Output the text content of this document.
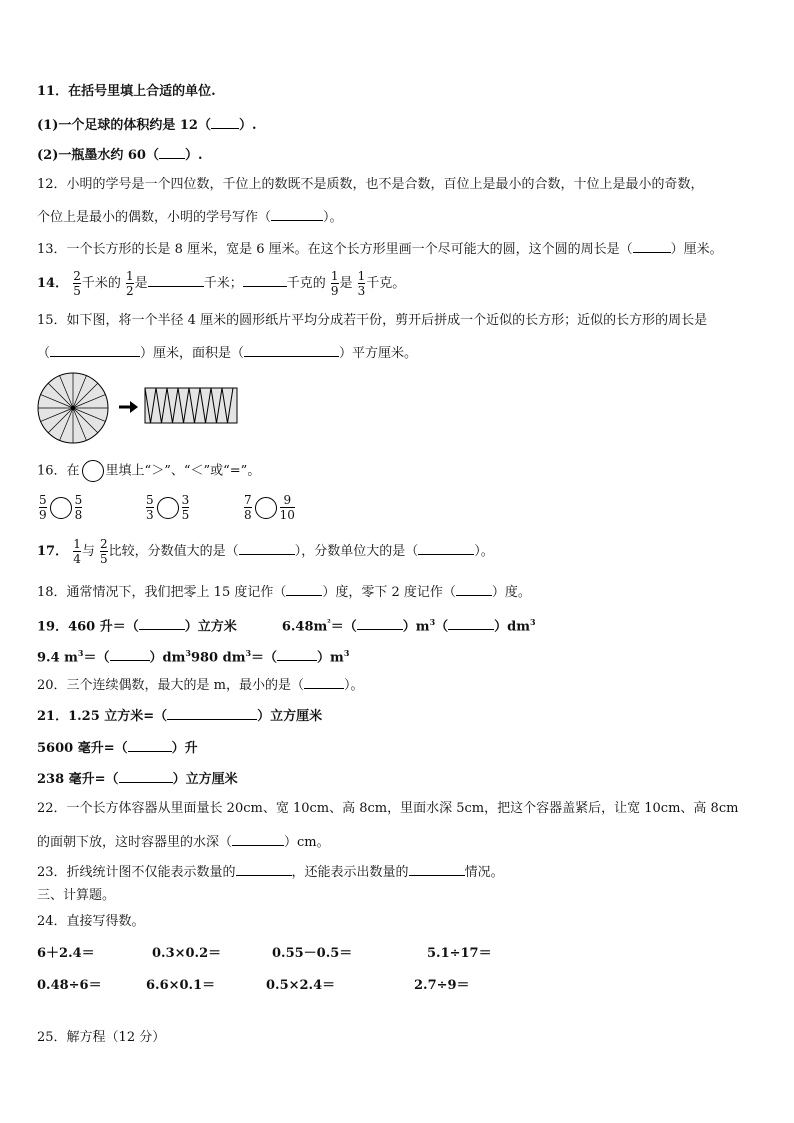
11．在括号里填上合适的单位.
(1)一个足球的体积约是 12（ ）.
(2)一瓶墨水约 60（ ）.
12．小明的学号是一个四位数，千位上的数既不是质数，也不是合数，百位上是最小的合数，十位上是最小的奇数，
个位上是最小的偶数，小明的学号写作（	）。
13．一个长方形的长是 8 厘米，宽是 6 厘米。在这个长方形里画一个尽可能大的圆，这个圆的周长是（	）厘米。
14． $\frac{2}{5}$ 千米的 $\frac{1}{2}$ 是	千米；	千克的 $\frac{1}{9}$ 是 $\frac{1}{3}$ 千克。
15．如下图，将一个半径 4 厘米的圆形纸片平均分成若干份，剪开后拼成一个近似的长方形；近似的长方形的周长是
（	）厘米，面积是（	）平方厘米。
16．在 里填上“＞”、“＜”或“=”。
$\frac{5}{9} \frac{5}{8}$	$\frac{5}{3} \frac{3}{5}$	$\frac{7}{8} \frac{9}{10}$
17． $\frac{1}{4}$ 与 $\frac{2}{5}$ 比较，分数值大的是（	），分数单位大的是（	）。
18．通常情况下，我们把零上 15 度记作（	）度，零下 2 度记作（	）度。
19．460 升＝（	）立方米	$6.48m^{^2}=$（	）$m^3$（	）$dm^3$
9.4 $m^3=$（	）$dm^3980$ $dm^3=$（	）$m^3$
20．三个连续偶数，最大的是 m，最小的是（	）。
21．1.25 立方米=（	）立方厘米
5600 毫升=（	）升
238 毫升=（	）立方厘米
22．一个长方体容器从里面量长 20cm、宽 10cm、高 8cm，里面水深 5cm，把这个容器盖紧后，让宽 10cm、高 8cm
的面朝下放，这时容器里的水深（	）cm。
23．折线统计图不仅能表示数量的	，还能表示出数量的	情况。
三、计算题。
24．直接写得数。
6＋2.4＝	0.3×0.2＝	0.55－0.5＝	5.1÷17＝
0.48÷6＝	6.6×0.1＝	0.5×2.4＝	2.7÷9＝
25．解方程（12 分）
